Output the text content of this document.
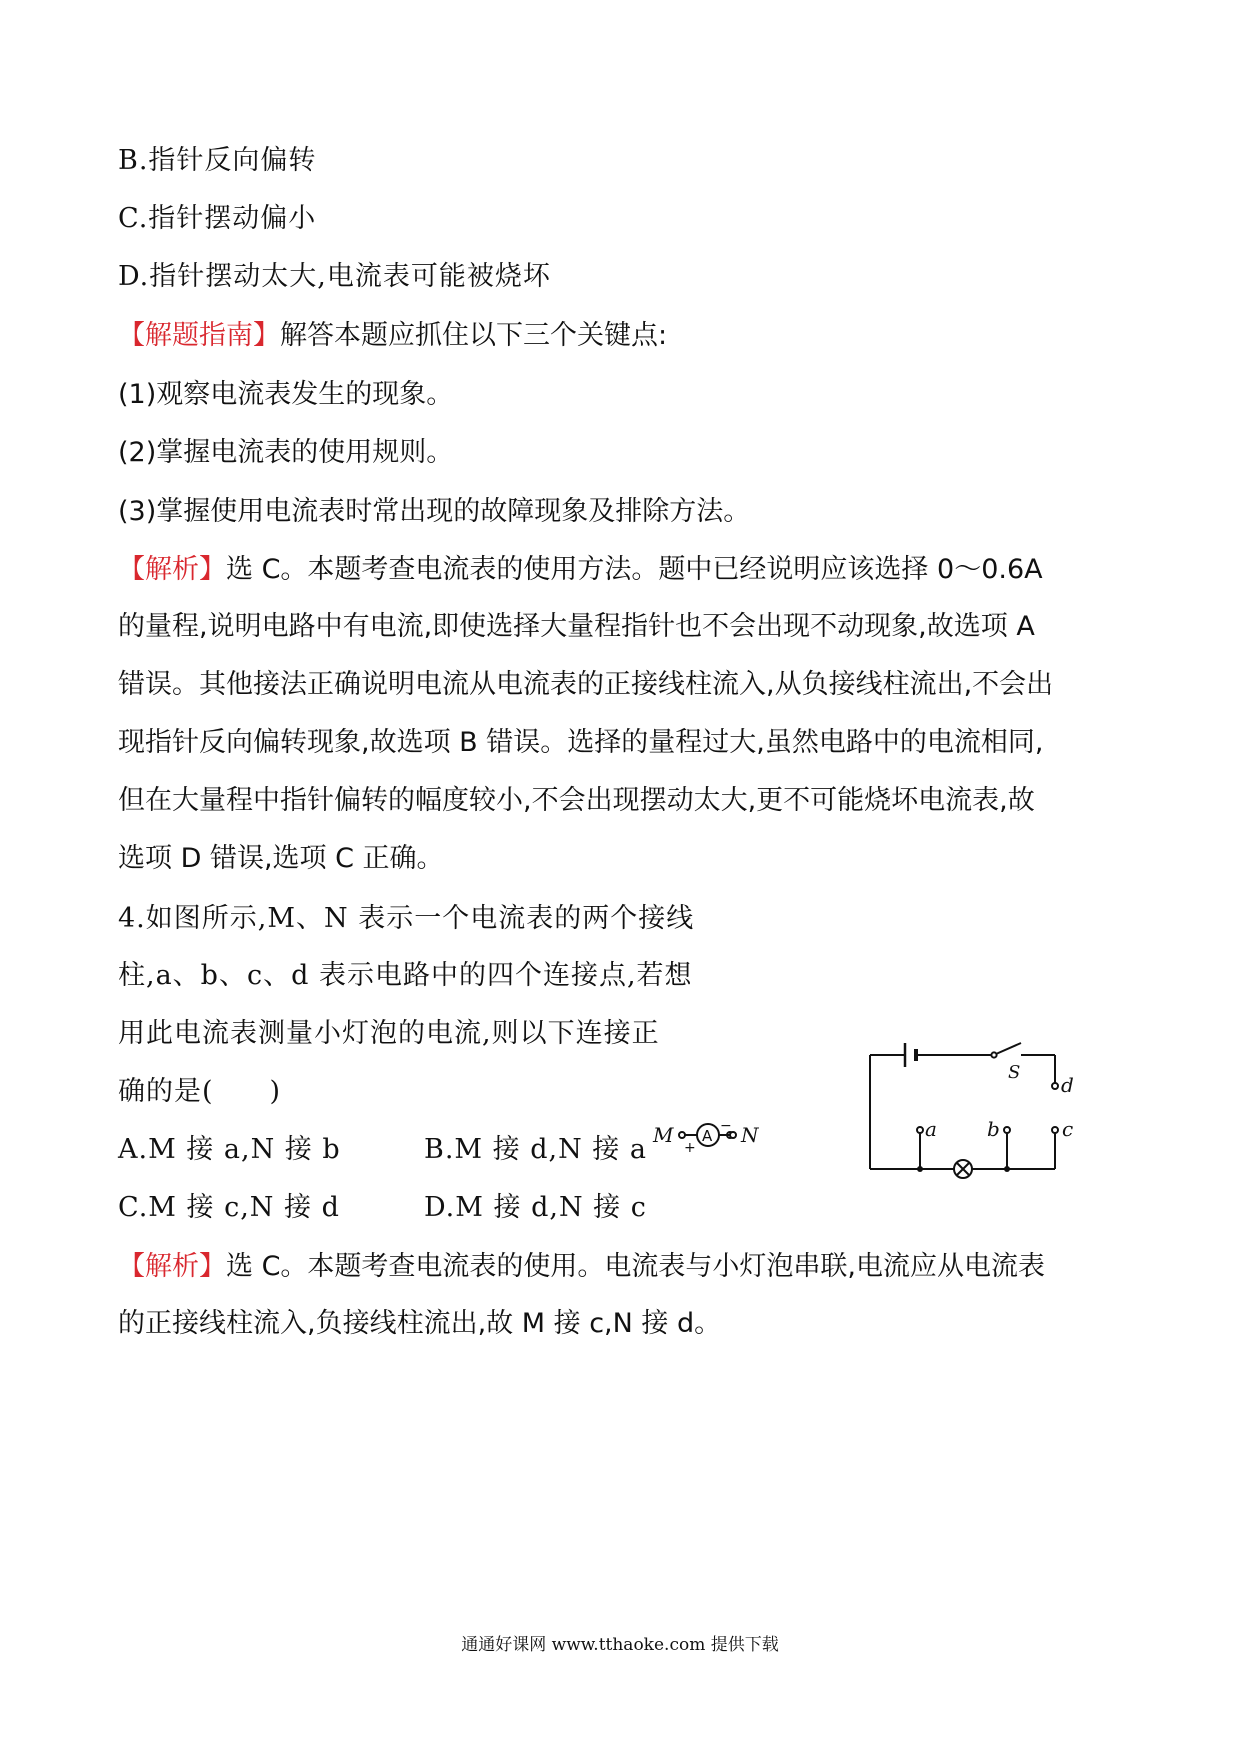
B.指针反向偏转
C.指针摆动偏小
D.指针摆动太大,电流表可能被烧坏
【解题指南】解答本题应抓住以下三个关键点:
(1)观察电流表发生的现象。
(2)掌握电流表的使用规则。
(3)掌握使用电流表时常出现的故障现象及排除方法。
【解析】选 C。本题考查电流表的使用方法。题中已经说明应该选择 0～0.6A
的量程,说明电路中有电流,即使选择大量程指针也不会出现不动现象,故选项 A
错误。其他接法正确说明电流从电流表的正接线柱流入,从负接线柱流出,不会出
现指针反向偏转现象,故选项 B 错误。选择的量程过大,虽然电路中的电流相同,
但在大量程中指针偏转的幅度较小,不会出现摆动太大,更不可能烧坏电流表,故
选项 D 错误,选项 C 正确。
4.如图所示,M、N 表示一个电流表的两个接线
柱,a、b、c、d 表示电路中的四个连接点,若想
用此电流表测量小灯泡的电流,则以下连接正
确的是(　　)
S
d
a	b	c
M	N
A
+
−
A.M 接 a,N 接 b	B.M 接 d,N 接 a
C.M 接 c,N 接 d	D.M 接 d,N 接 c
【解析】选 C。本题考查电流表的使用。电流表与小灯泡串联,电流应从电流表
的正接线柱流入,负接线柱流出,故 M 接 c,N 接 d。
通通好课网 www.tthaoke.com 提供下载
